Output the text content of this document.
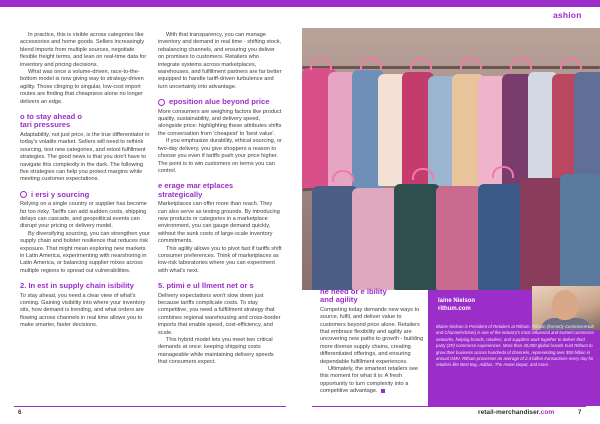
ashion

In practice, this is visible across categories like accessories and home goods. Sellers increasingly blend imports from multiple sources, negotiate flexible freight terms, and lean on real-time data for inventory and pricing decisions.

What was once a volume-driven, race-to-the-bottom model is now giving way to strategy-driven agility. Those clinging to singular, low-cost import routes are finding that cheapness alone no longer delivers an edge.

o to stay ahead o
tari pressures

Adaptability, not just price, is the true differentiator in today's volatile market. Sellers will need to rethink sourcing, test new categories, and retool fulfillment strategies. The good news is that you don't have to navigate this complexity in the dark. The following five strategies can help you protect margins while meeting customer expectations.

i ersi y sourcing

Relying on a single country or supplier has become far too risky. Tariffs can add sudden costs, shipping delays can cascade, and geopolitical events can disrupt your pricing or delivery model.

By diversifying sourcing, you can strengthen your supply chain and bolster resilience that reduces risk exposure. That might mean exploring new markets in Latin America, experimenting with nearshoring in Latin America, or balancing supplier mixes across multiple regions to spread out vulnerabilities.

2. In est in supply chain isibility

To stay ahead, you need a clear view of what's coming. Gaining visibility into where your inventory sits, how demand is trending, and what orders are flowing across channels in real time allows you to make smarter, faster decisions.

With that transparency, you can manage inventory and demand in real time - shifting stock, rebalancing channels, and ensuring you deliver on promises to customers. Retailers who integrate systems across marketplaces, warehouses, and fulfillment partners are far better equipped to handle tariff-driven turbulence and turn uncertainty into advantage.

eposition alue beyond price

More consumers are weighing factors like product quality, sustainability, and delivery speed, alongside price: highlighting these attributes shifts the conversation from 'cheapest' to 'best value'.

If you emphasize durability, ethical sourcing, or two-day delivery, you give shoppers a reason to choose you even if tariffs push your price higher. The point is to win customers on terms you can control.

e erage mar etplaces
strategically

Marketplaces can offer more than reach. They can also serve as testing grounds. By introducing new products or categories in a marketplace environment, you can gauge demand quickly, without the sunk costs of large-scale inventory commitments.

This agility allows you to pivot fast if tariffs shift consumer preferences. Think of marketplaces as low-risk laboratories where you can experiment with what's next.

5. ptimi e ul llment net or s

Delivery expectations won't slow down just because tariffs complicate costs. To stay competitive, you need a fulfillment strategy that combines regional warehousing and cross-border imports that enable speed, cost-efficiency, and scale.

This hybrid model lets you meet two critical demands at once: keeping shipping costs manageable while maintaining delivery speeds that consumers expect.

he need or e ibility
and agility

Competing today demands new ways to source, fulfil, and deliver value to customers beyond price alone. Retailers that embrace flexibility and agility are uncovering new paths to growth - building more diverse supply chains, creating differentiated offerings, and ensuring dependable fulfillment experiences.

Ultimately, the smartest retailers see this moment for what it is: A fresh opportunity to turn complexity into a competitive advantage.

laine Nielson
rithum.com
Blaine Nielson is President of Retailers at Rithum. Rithum (formerly CommerceHub and ChannelAdvisor) is one of the industry's most influential and trusted commerce networks, helping brands, retailers, and suppliers work together to deliver third party (3P) commerce experiences. More than 40,000 global brands trust Rithum to grow their business across hundreds of channels, representing over $50 billion in annual GMV. Rithum processes an average of 2.4 billion transactions every day for retailers like Best Buy, Adidas, The Home Depot, and more.
6	retail-merchandiser.com	7
